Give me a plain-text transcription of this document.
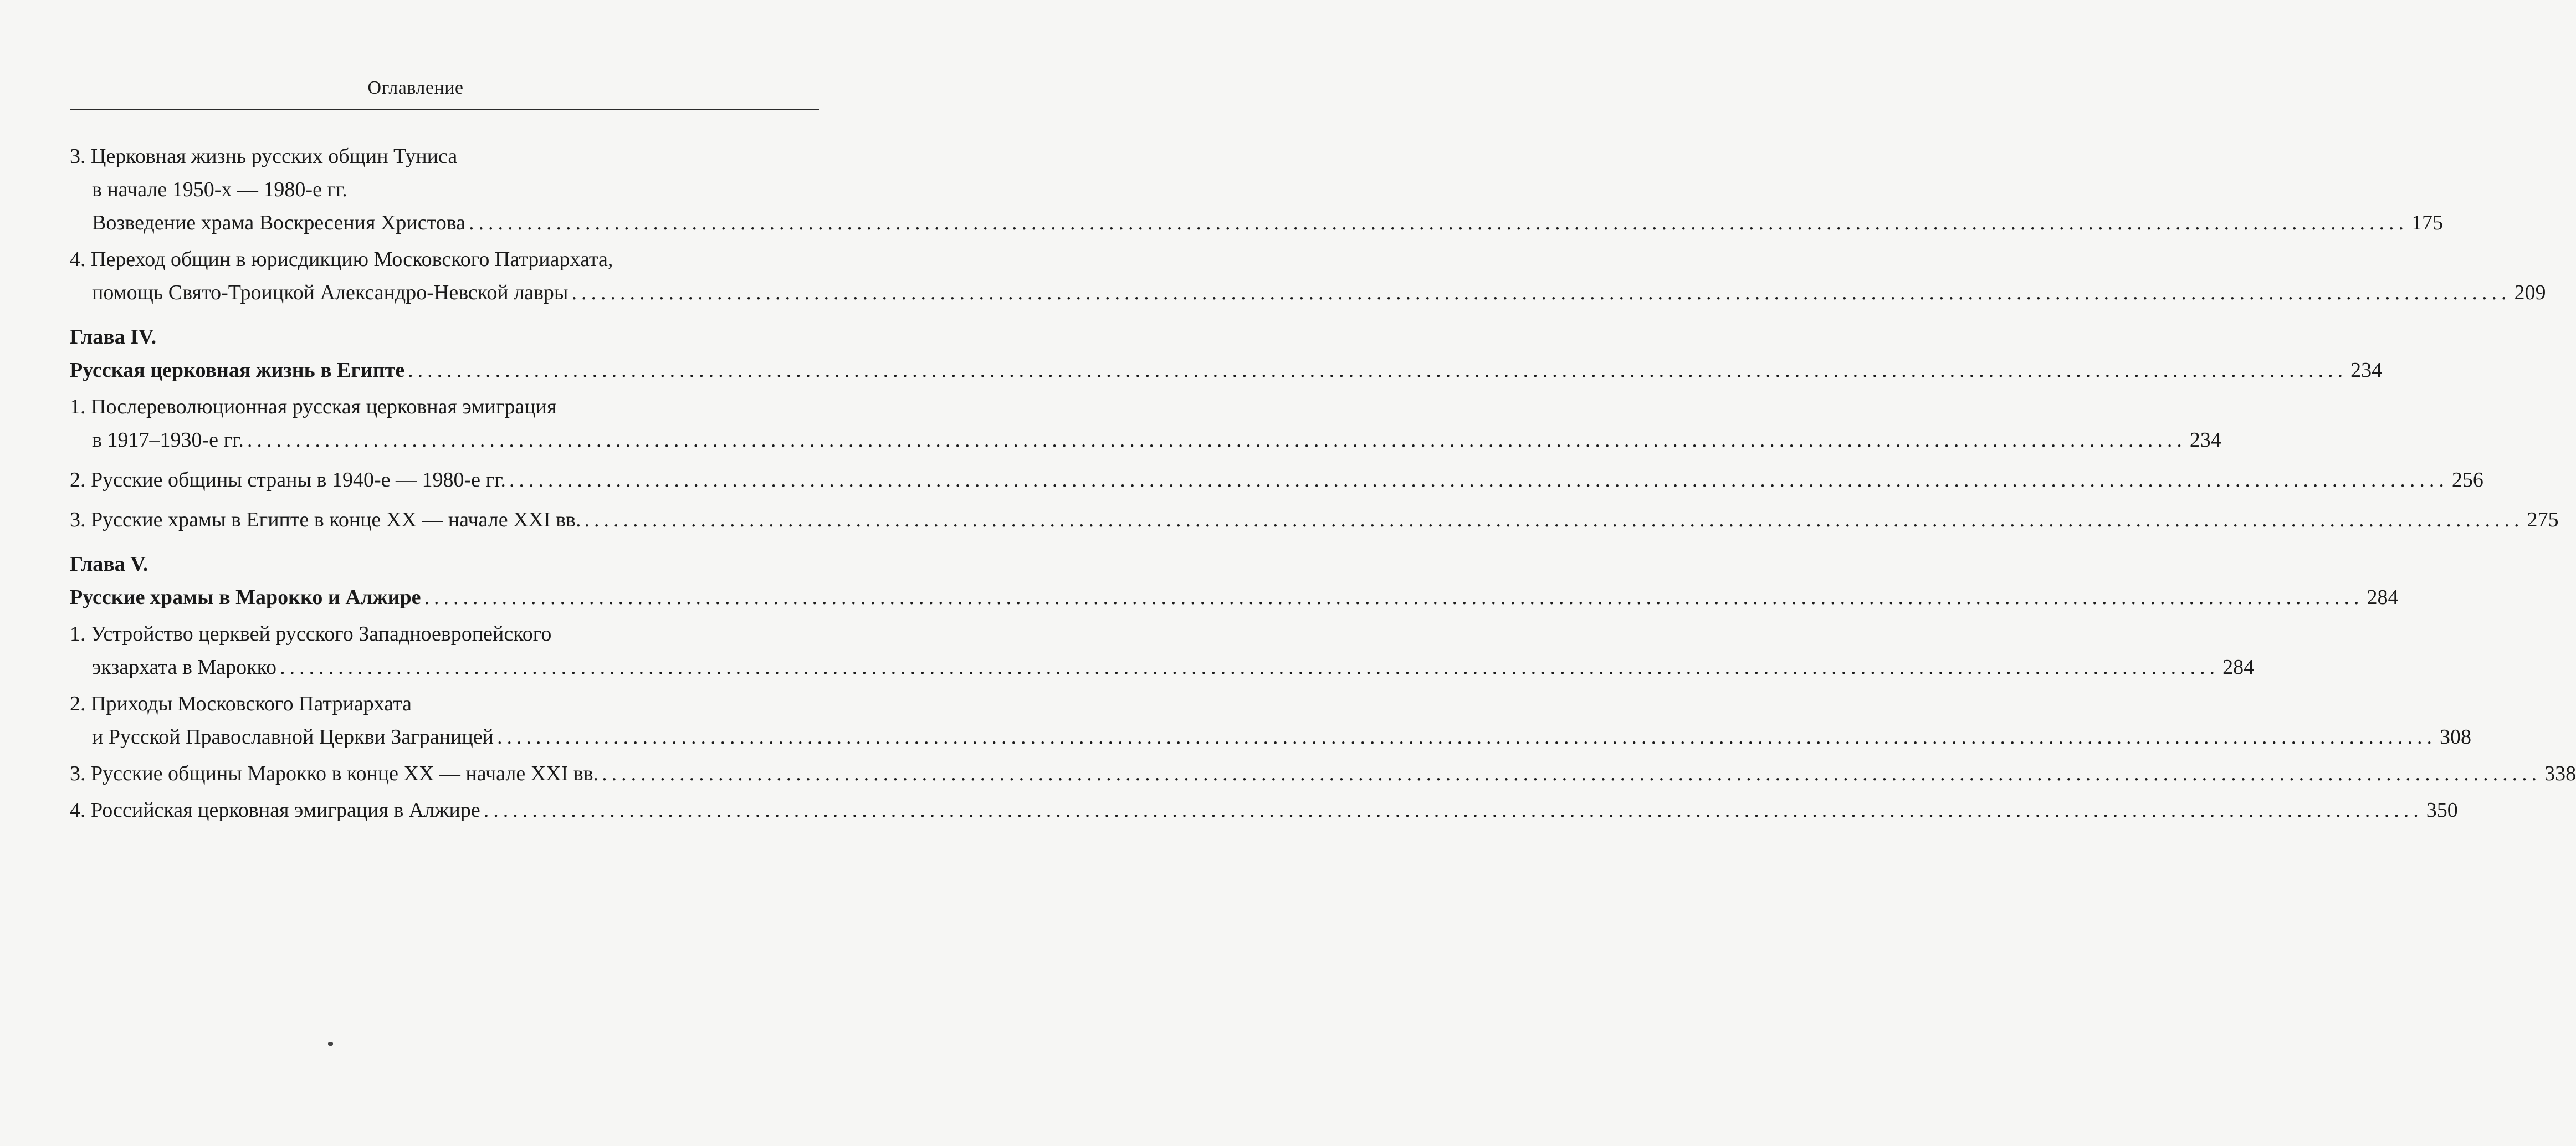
Оглавление
3. Церковная жизнь русских общин Туниса
в начале 1950-х — 1980-е гг.
Возведение храма Воскресения Христова ........................................................................................................................................................................................................ 175
4. Переход общин в юрисдикцию Московского Патриархата,
помощь Свято-Троицкой Александро-Невской лавры ........................................................................................................................................................................................................ 209
Глава IV.
Русская церковная жизнь в Египте ........................................................................................................................................................................................................ 234
1. Послереволюционная русская церковная эмиграция
в 1917–1930-е гг. ........................................................................................................................................................................................................ 234
2. Русские общины страны в 1940-е — 1980-е гг. ........................................................................................................................................................................................................ 256
3. Русские храмы в Египте в конце XX — начале XXI вв. ........................................................................................................................................................................................................ 275
Глава V.
Русские храмы в Марокко и Алжире ........................................................................................................................................................................................................ 284
1. Устройство церквей русского Западноевропейского
экзархата в Марокко ........................................................................................................................................................................................................ 284
2. Приходы Московского Патриархата
и Русской Православной Церкви Заграницей ........................................................................................................................................................................................................ 308
3. Русские общины Марокко в конце XX — начале XXI вв. ........................................................................................................................................................................................................ 338
4. Российская церковная эмиграция в Алжире ........................................................................................................................................................................................................ 350
